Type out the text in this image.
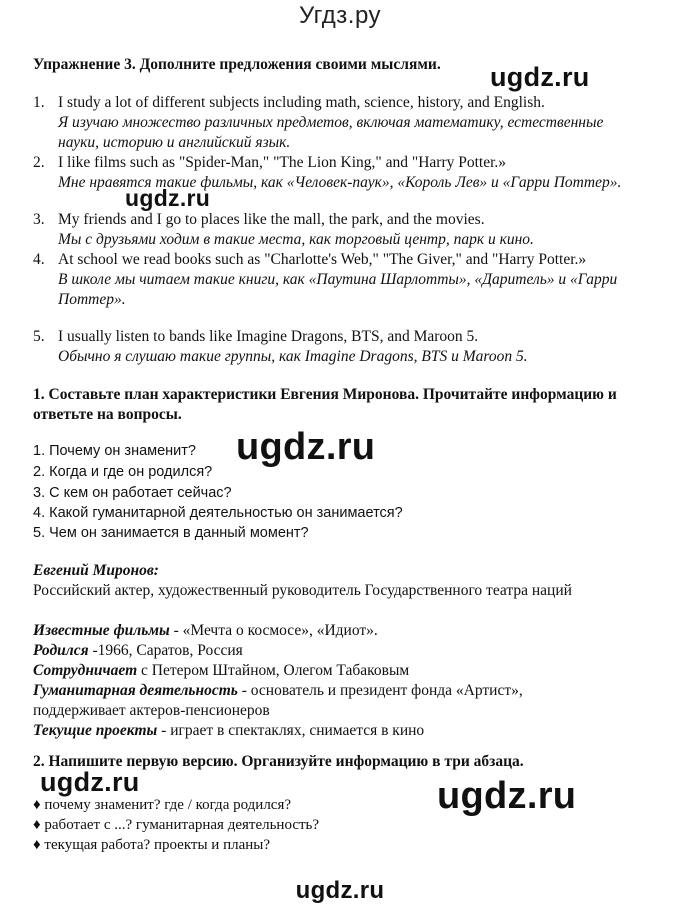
Угдз.ру
ugdz.ru
ugdz.ru
ugdz.ru
ugdz.ru	ugdz.ru
ugdz.ru
Упражнение 3. Дополните предложения своими мыслями.
1. I study a lot of different subjects including math, science, history, and English.
Я изучаю множество различных предметов, включая математику, естественные науки, историю и английский язык.
2. I like films such as "Spider-Man," "The Lion King," and "Harry Potter.»
Мне нравятся такие фильмы, как «Человек-паук», «Король Лев» и «Гарри Поттер».
3. My friends and I go to places like the mall, the park, and the movies.
Мы с друзьями ходим в такие места, как торговый центр, парк и кино.
4. At school we read books such as "Charlotte's Web," "The Giver," and "Harry Potter.»
В школе мы читаем такие книги, как «Паутина Шарлотты», «Даритель» и «Гарри Поттер».
5. I usually listen to bands like Imagine Dragons, BTS, and Maroon 5.
Обычно я слушаю такие группы, как Imagine Dragons, BTS и Maroon 5.
1. Составьте план характеристики Евгения Миронова. Прочитайте информацию и ответьте на вопросы.
1. Почему он знаменит?
2. Когда и где он родился?
3. С кем он работает сейчас?
4. Какой гуманитарной деятельностью он занимается?
5. Чем он занимается в данный момент?
Евгений Миронов:
Российский актер, художественный руководитель Государственного театра наций
Известные фильмы - «Мечта о космосе», «Идиот».
Родился -1966, Саратов, Россия
Сотрудничает с Петером Штайном, Олегом Табаковым
Гуманитарная деятельность - основатель и президент фонда «Артист», поддерживает актеров-пенсионеров
Текущие проекты - играет в спектаклях, снимается в кино
2. Напишите первую версию. Организуйте информацию в три абзаца.
♦ почему знаменит? где / когда родился?
♦ работает с ...? гуманитарная деятельность?
♦ текущая работа? проекты и планы?
